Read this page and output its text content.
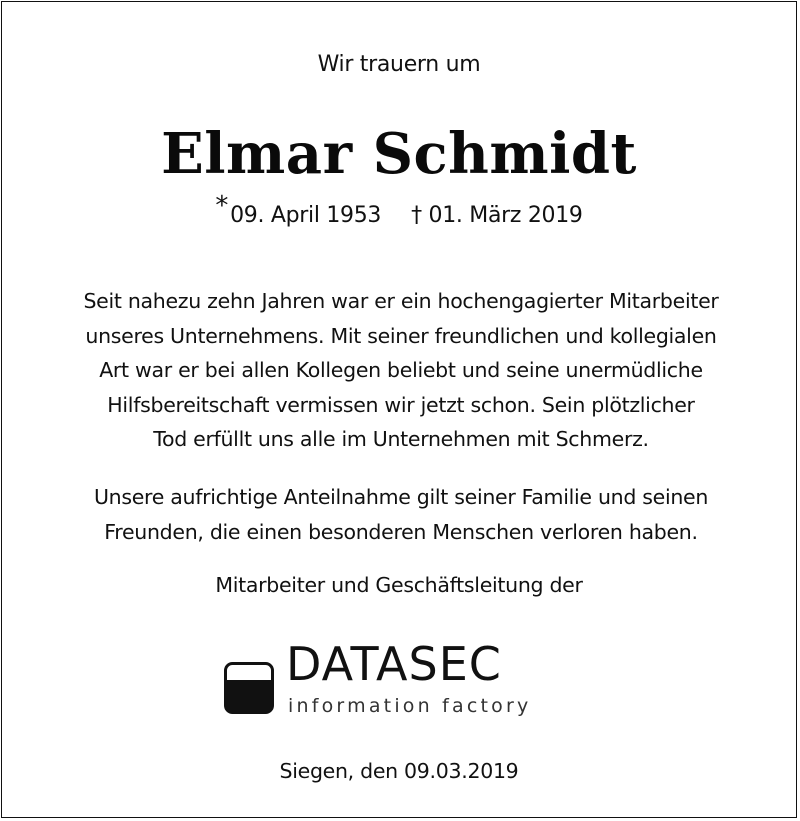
Wir trauern um
Elmar Schmidt
*09. April 1953 † 01. März 2019
Seit nahezu zehn Jahren war er ein hochengagierter Mitarbeiter
unseres Unternehmens. Mit seiner freundlichen und kollegialen
Art war er bei allen Kollegen beliebt und seine unermüdliche
Hilfsbereitschaft vermissen wir jetzt schon. Sein plötzlicher
Tod erfüllt uns alle im Unternehmen mit Schmerz.
Unsere aufrichtige Anteilnahme gilt seiner Familie und seinen
Freunden, die einen besonderen Menschen verloren haben.
Mitarbeiter und Geschäftsleitung der
DATASEC
information factory
Siegen, den 09.03.2019
